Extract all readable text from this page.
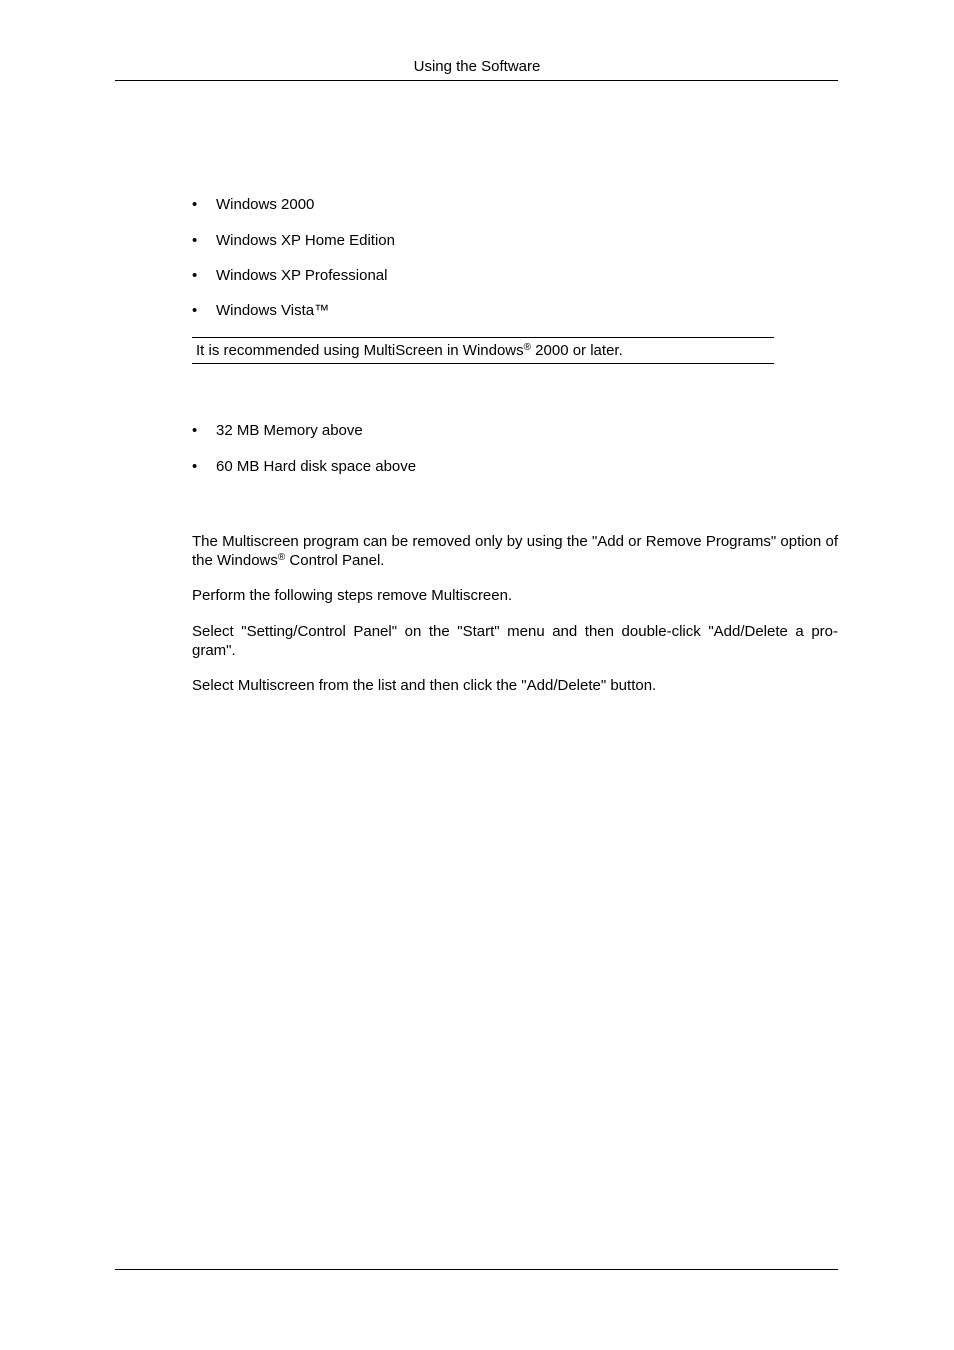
Using the Software
•	Windows 2000
•	Windows XP Home Edition
•	Windows XP Professional
•	Windows Vista™
It is recommended using MultiScreen in Windows® 2000 or later.
•	32 MB Memory above
•	60 MB Hard disk space above
The Multiscreen program can be removed only by using the "Add or Remove Programs" option of the Windows® Control Panel.
Perform the following steps remove Multiscreen.
Select "Setting/Control Panel" on the "Start" menu and then double-click "Add/Delete a pro- gram".
Select Multiscreen from the list and then click the "Add/Delete" button.
